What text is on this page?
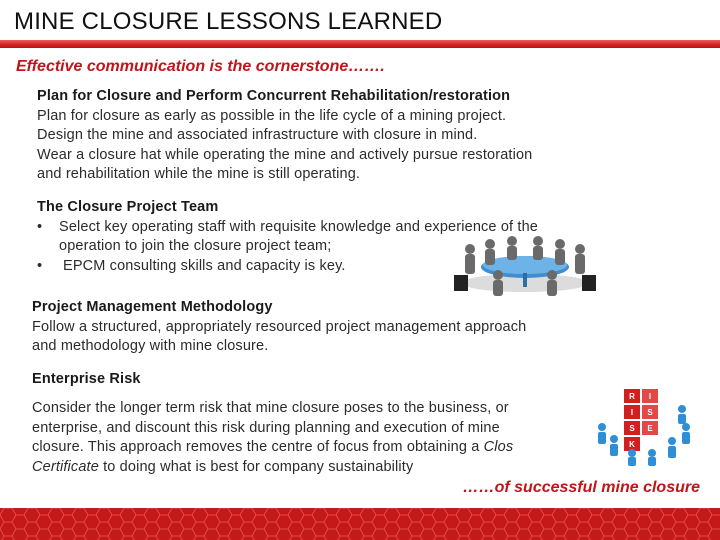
MINE CLOSURE LESSONS LEARNED
Effective communication is the cornerstone…….
Plan for Closure and Perform Concurrent Rehabilitation/restoration
Plan for closure as early as possible in the life cycle of a mining project.
Design the mine and associated infrastructure with closure in mind.
Wear a closure hat while operating the mine and actively pursue restoration
and rehabilitation while the mine is still operating.
The Closure Project Team
• Select key operating staff with requisite knowledge and experience of the
operation to join the closure project team;
• EPCM consulting skills and capacity is key.
Project Management Methodology
Follow a structured, appropriately resourced project management approach
and methodology with mine closure.
Enterprise Risk
Consider the longer term risk that mine closure poses to the business, or
enterprise, and discount this risk during planning and execution of mine
closure. This approach removes the centre of focus from obtaining a Clos
Certificate to doing what is best for company sustainability
R
I
S
K
I
S
E
……of successful mine closure
